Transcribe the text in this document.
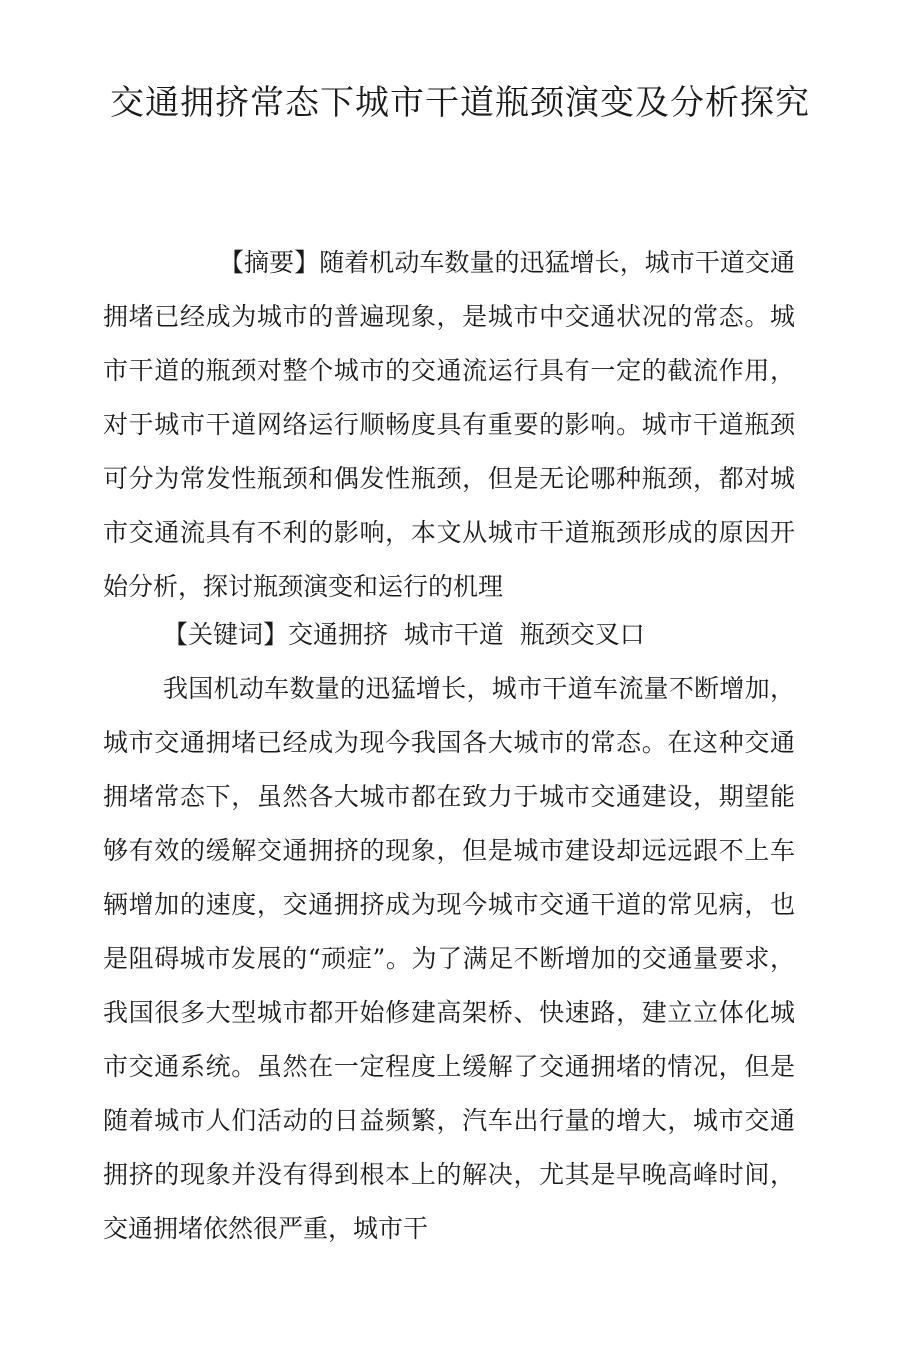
交通拥挤常态下城市干道瓶颈演变及分析探究

【摘要】随着机动车数量的迅猛增长，城市干道交通拥堵已经成为城市的普遍现象，是城市中交通状况的常态。城市干道的瓶颈对整个城市的交通流运行具有一定的截流作用，对于城市干道网络运行顺畅度具有重要的影响。城市干道瓶颈可分为常发性瓶颈和偶发性瓶颈，但是无论哪种瓶颈，都对城市交通流具有不利的影响，本文从城市干道瓶颈形成的原因开始分析，探讨瓶颈演变和运行的机理

【关键词】交通拥挤  城市干道  瓶颈交叉口

我国机动车数量的迅猛增长，城市干道车流量不断增加，城市交通拥堵已经成为现今我国各大城市的常态。在这种交通拥堵常态下，虽然各大城市都在致力于城市交通建设，期望能够有效的缓解交通拥挤的现象，但是城市建设却远远跟不上车辆增加的速度，交通拥挤成为现今城市交通干道的常见病，也是阻碍城市发展的“顽症”。为了满足不断增加的交通量要求，我国很多大型城市都开始修建高架桥、快速路，建立立体化城市交通系统。虽然在一定程度上缓解了交通拥堵的情况，但是随着城市人们活动的日益频繁，汽车出行量的增大，城市交通拥挤的现象并没有得到根本上的解决，尤其是早晚高峰时间，交通拥堵依然很严重，城市干
